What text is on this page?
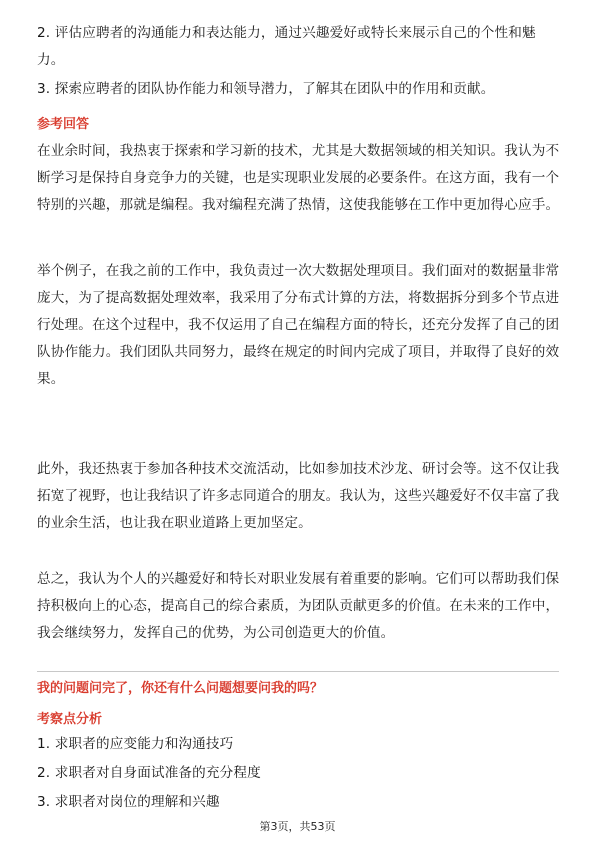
2. 评估应聘者的沟通能力和表达能力，通过兴趣爱好或特长来展示自己的个性和魅力。

3. 探索应聘者的团队协作能力和领导潜力，了解其在团队中的作用和贡献。

参考回答

在业余时间，我热衷于探索和学习新的技术，尤其是大数据领域的相关知识。我认为不断学习是保持自身竞争力的关键，也是实现职业发展的必要条件。在这方面，我有一个特别的兴趣，那就是编程。我对编程充满了热情，这使我能够在工作中更加得心应手。

举个例子，在我之前的工作中，我负责过一次大数据处理项目。我们面对的数据量非常庞大，为了提高数据处理效率，我采用了分布式计算的方法，将数据拆分到多个节点进行处理。在这个过程中，我不仅运用了自己在编程方面的特长，还充分发挥了自己的团队协作能力。我们团队共同努力，最终在规定的时间内完成了项目，并取得了良好的效果。

此外，我还热衷于参加各种技术交流活动，比如参加技术沙龙、研讨会等。这不仅让我拓宽了视野，也让我结识了许多志同道合的朋友。我认为，这些兴趣爱好不仅丰富了我的业余生活，也让我在职业道路上更加坚定。

总之，我认为个人的兴趣爱好和特长对职业发展有着重要的影响。它们可以帮助我们保持积极向上的心态，提高自己的综合素质，为团队贡献更多的价值。在未来的工作中，我会继续努力，发挥自己的优势，为公司创造更大的价值。

我的问题问完了，你还有什么问题想要问我的吗？
考察点分析

1. 求职者的应变能力和沟通技巧

2. 求职者对自身面试准备的充分程度

3. 求职者对岗位的理解和兴趣

第3页，共53页
